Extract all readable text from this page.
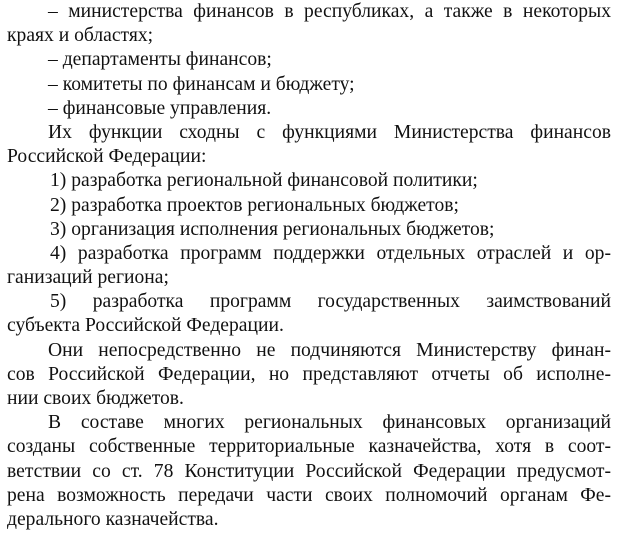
– министерства финансов в республиках, а также в некоторых
краях и областях;
– департаменты финансов;
– комитеты по финансам и бюджету;
– финансовые управления.
Их функции сходны с функциями Министерства финансов
Российской Федерации:
1) разработка региональной финансовой политики;
2) разработка проектов региональных бюджетов;
3) организация исполнения региональных бюджетов;
4) разработка программ поддержки отдельных отраслей и ор-
ганизаций региона;
5) разработка программ государственных заимствований
субъекта Российской Федерации.
Они непосредственно не подчиняются Министерству финан-
сов Российской Федерации, но представляют отчеты об исполне-
нии своих бюджетов.
В составе многих региональных финансовых организаций
созданы собственные территориальные казначейства, хотя в соот-
ветствии со ст. 78 Конституции Российской Федерации предусмот-
рена возможность передачи части своих полномочий органам Фе-
дерального казначейства.
